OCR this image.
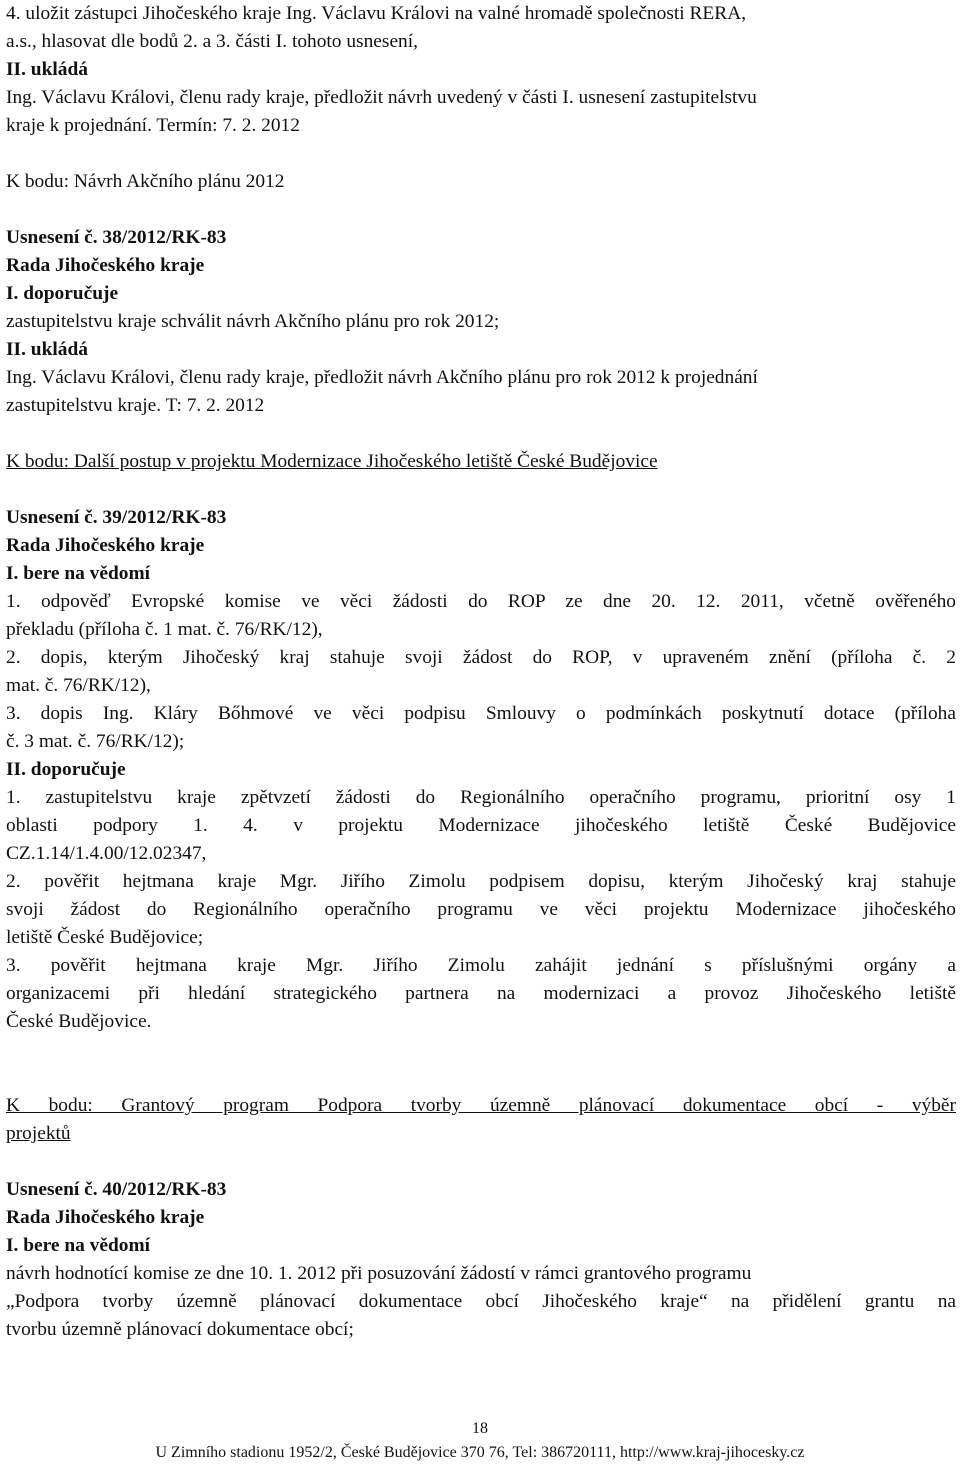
4. uložit zástupci Jihočeského kraje Ing. Václavu Královi na valné hromadě společnosti RERA,

a.s., hlasovat dle bodů 2. a 3. části I. tohoto usnesení,

II. ukládá

Ing. Václavu Královi, členu rady kraje, předložit návrh uvedený v části I. usnesení zastupitelstvu

kraje k projednání. Termín: 7. 2. 2012

K bodu: Návrh Akčního plánu 2012

Usnesení č. 38/2012/RK-83

Rada Jihočeského kraje

I. doporučuje

zastupitelstvu kraje schválit návrh Akčního plánu pro rok 2012;

II. ukládá

Ing. Václavu Královi, členu rady kraje, předložit návrh Akčního plánu pro rok 2012 k projednání

zastupitelstvu kraje. T: 7. 2. 2012

K bodu: Další postup v projektu Modernizace Jihočeského letiště České Budějovice

Usnesení č. 39/2012/RK-83

Rada Jihočeského kraje

I. bere na vědomí

1. odpověď Evropské komise ve věci žádosti do ROP ze dne 20. 12. 2011, včetně ověřeného

překladu (příloha č. 1 mat. č. 76/RK/12),

2. dopis, kterým Jihočeský kraj stahuje svoji žádost do ROP, v upraveném znění (příloha č. 2

mat. č. 76/RK/12),

3. dopis Ing. Kláry Bőhmové ve věci podpisu Smlouvy o podmínkách poskytnutí dotace (příloha

č. 3 mat. č. 76/RK/12);

II. doporučuje

1. zastupitelstvu kraje zpětvzetí žádosti do Regionálního operačního programu, prioritní osy 1

oblasti podpory 1. 4. v projektu Modernizace jihočeského letiště České Budějovice

CZ.1.14/1.4.00/12.02347,

2. pověřit hejtmana kraje Mgr. Jiřího Zimolu podpisem dopisu, kterým Jihočeský kraj stahuje

svoji žádost do Regionálního operačního programu ve věci projektu Modernizace jihočeského

letiště České Budějovice;

3. pověřit hejtmana kraje Mgr. Jiřího Zimolu zahájit jednání s příslušnými orgány a

organizacemi při hledání strategického partnera na modernizaci a provoz Jihočeského letiště

České Budějovice.

K bodu: Grantový program Podpora tvorby územně plánovací dokumentace obcí - výběr

projektů

Usnesení č. 40/2012/RK-83

Rada Jihočeského kraje

I. bere na vědomí

návrh hodnotící komise ze dne 10. 1. 2012 při posuzování žádostí v rámci grantového programu

„Podpora tvorby územně plánovací dokumentace obcí Jihočeského kraje“ na přidělení grantu na

tvorbu územně plánovací dokumentace obcí;

18
U Zimního stadionu 1952/2, České Budějovice 370 76, Tel: 386720111, http://www.kraj-jihocesky.cz
